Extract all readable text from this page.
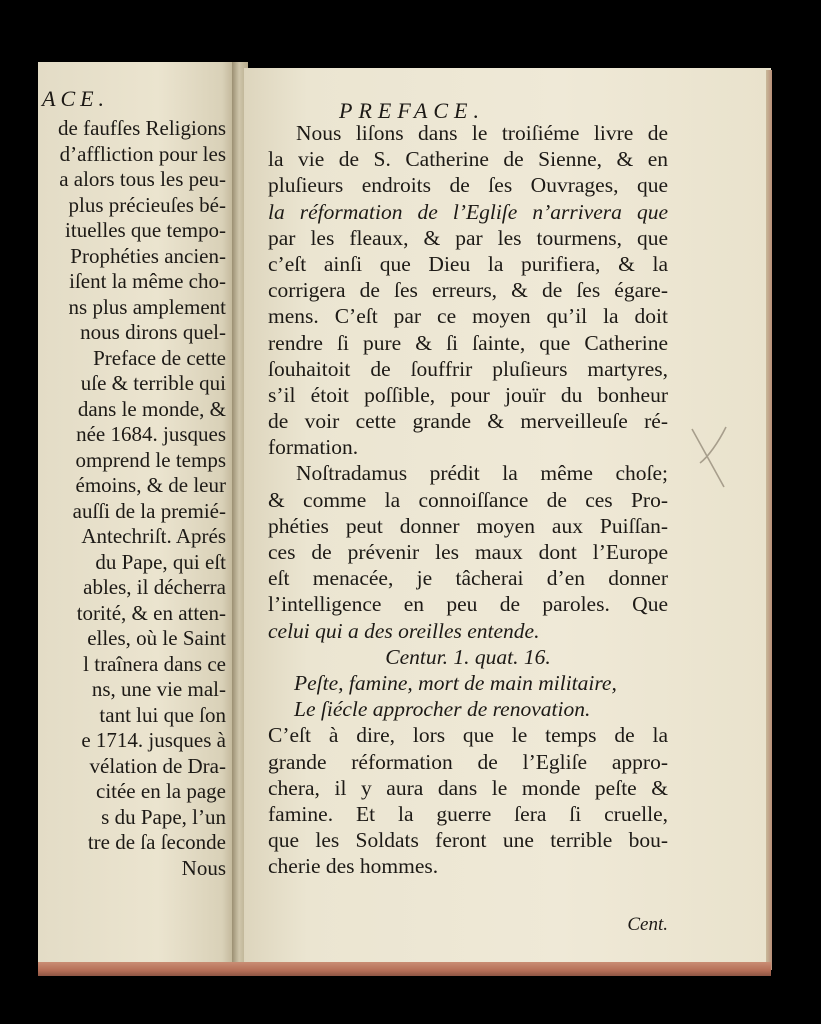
ACE.
de faufſes Religions
d’affliction pour les
a alors tous les peu-
plus précieuſes bé-
ituelles que tempo-
Prophéties ancien-
iſent la même cho-
ns plus amplement
nous dirons quel-
Preface de cette
uſe & terrible qui
dans le monde, &
née 1684. jusques
omprend le temps
émoins, & de leur
auſſi de la premié-
Antechriſt. Aprés
du Pape, qui eſt
ables, il décherra
torité, & en atten-
elles, où le Saint
l traînera dans ce
ns, une vie mal-
tant lui que ſon
e 1714. jusques à
vélation de Dra-
citée en la page
s du Pape, l’un
tre de ſa ſeconde
Nous
PREFACE.
Nous liſons dans le troiſiéme livre de
la vie de S. Catherine de Sienne, & en
pluſieurs endroits de ſes Ouvrages, que
la réformation de l’Egliſe n’arrivera que
par les fleaux, & par les tourmens, que
c’eſt ainſi que Dieu la purifiera, & la
corrigera de ſes erreurs, & de ſes égare-
mens. C’eſt par ce moyen qu’il la doit
rendre ſi pure & ſi ſainte, que Catherine
ſouhaitoit de ſouffrir pluſieurs martyres,
s’il étoit poſſible, pour jouïr du bonheur
de voir cette grande & merveilleuſe ré-
formation.
Noſtradamus prédit la même choſe;
& comme la connoiſſance de ces Pro-
phéties peut donner moyen aux Puiſſan-
ces de prévenir les maux dont l’Europe
eſt menacée, je tâcherai d’en donner
l’intelligence en peu de paroles. Que
celui qui a des oreilles entende.
Centur. 1. quat. 16.
Peſte, famine, mort de main militaire,
Le ſiécle approcher de renovation.
C’eſt à dire, lors que le temps de la
grande réformation de l’Egliſe appro-
chera, il y aura dans le monde peſte &
famine. Et la guerre ſera ſi cruelle,
que les Soldats feront une terrible bou-
cherie des hommes.
Cent.
